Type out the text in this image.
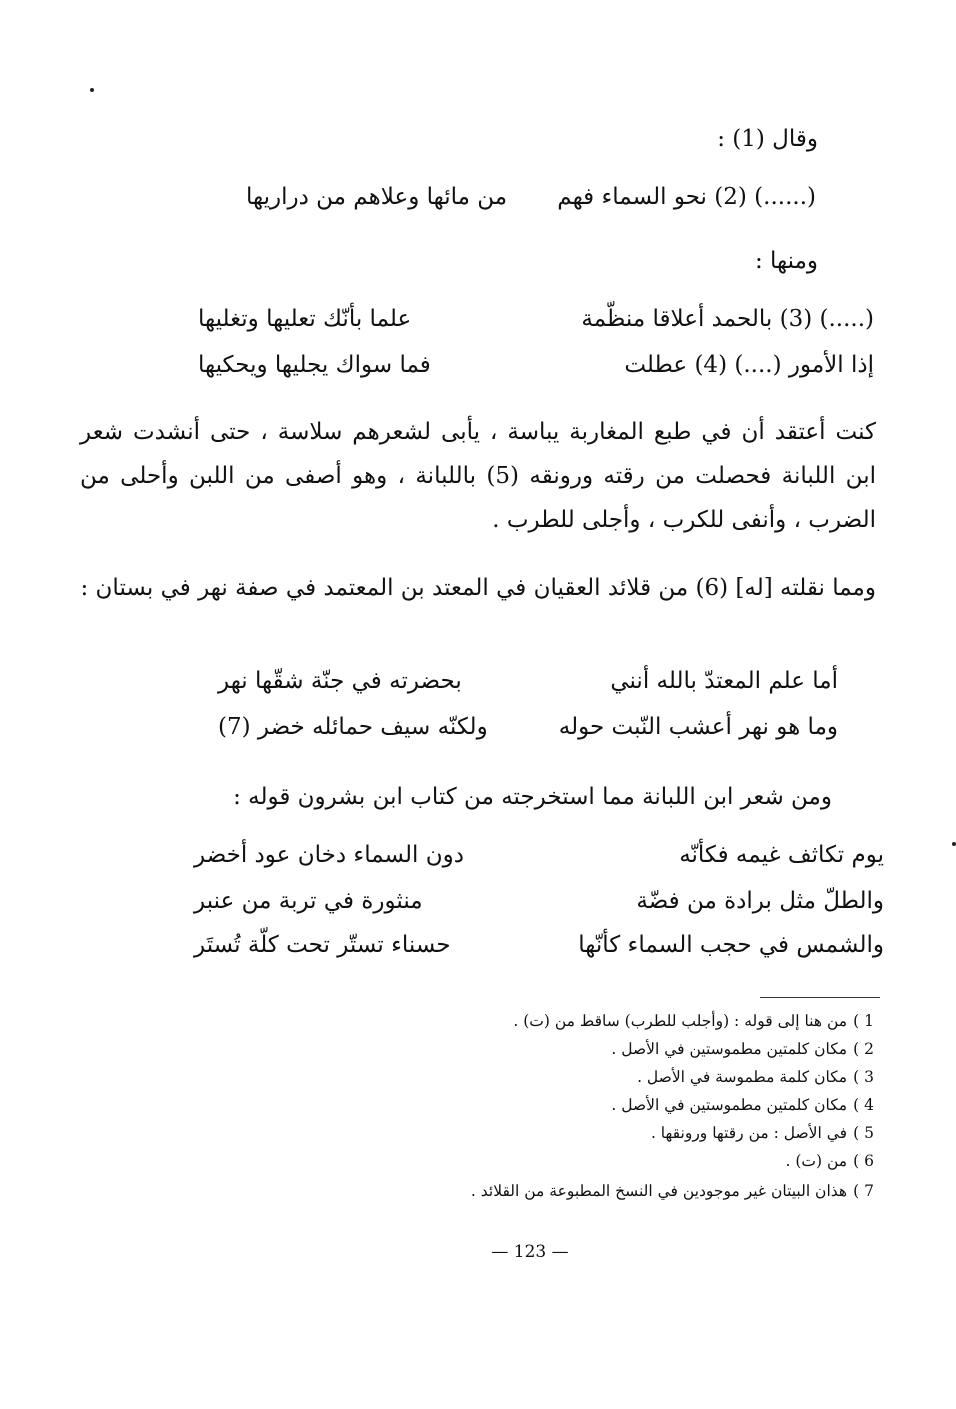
وقال (1) :
(......) (2) نحو السماء فهم
من مائها وعلاهم من دراريها
ومنها :
(.....) (3) بالحمد أعلاقا منظّمة
علما بأنّك تعليها وتغليها
إذا الأمور (....) (4) عطلت
فما سواك يجليها ويحكيها
كنت أعتقد أن في طبع المغاربة يباسة ، يأبى لشعرهم سلاسة ، حتى أنشدت شعر ابن اللبانة فحصلت من رقته ورونقه (5) باللبانة ، وهو أصفى من اللبن وأحلى من الضرب ، وأنفى للكرب ، وأجلى للطرب .
ومما نقلته [له] (6) من قلائد العقيان في المعتد بن المعتمد في صفة نهر في بستان :
أما علم المعتدّ بالله أنني
بحضرته في جنّة شقّها نهر
وما هو نهر أعشب النّبت حوله
ولكنّه سيف حمائله خضر (7)
ومن شعر ابن اللبانة مما استخرجته من كتاب ابن بشرون قوله :
يوم تكاثف غيمه فكأنّه
دون السماء دخان عود أخضر
والطلّ مثل برادة من فضّة
منثورة في تربة من عنبر
والشمس في حجب السماء كأنّها
حسناء تستّر تحت كلّة تُستَر
1 ) من هنا إلى قوله : (وأجلب للطرب) ساقط من (ت) .
2 ) مكان كلمتين مطموستين في الأصل .
3 ) مكان كلمة مطموسة في الأصل .
4 ) مكان كلمتين مطموستين في الأصل .
5 ) في الأصل : من رقتها ورونقها .
6 ) من (ت) .
7 ) هذان البيتان غير موجودين في النسخ المطبوعة من القلائد .
— 123 —
